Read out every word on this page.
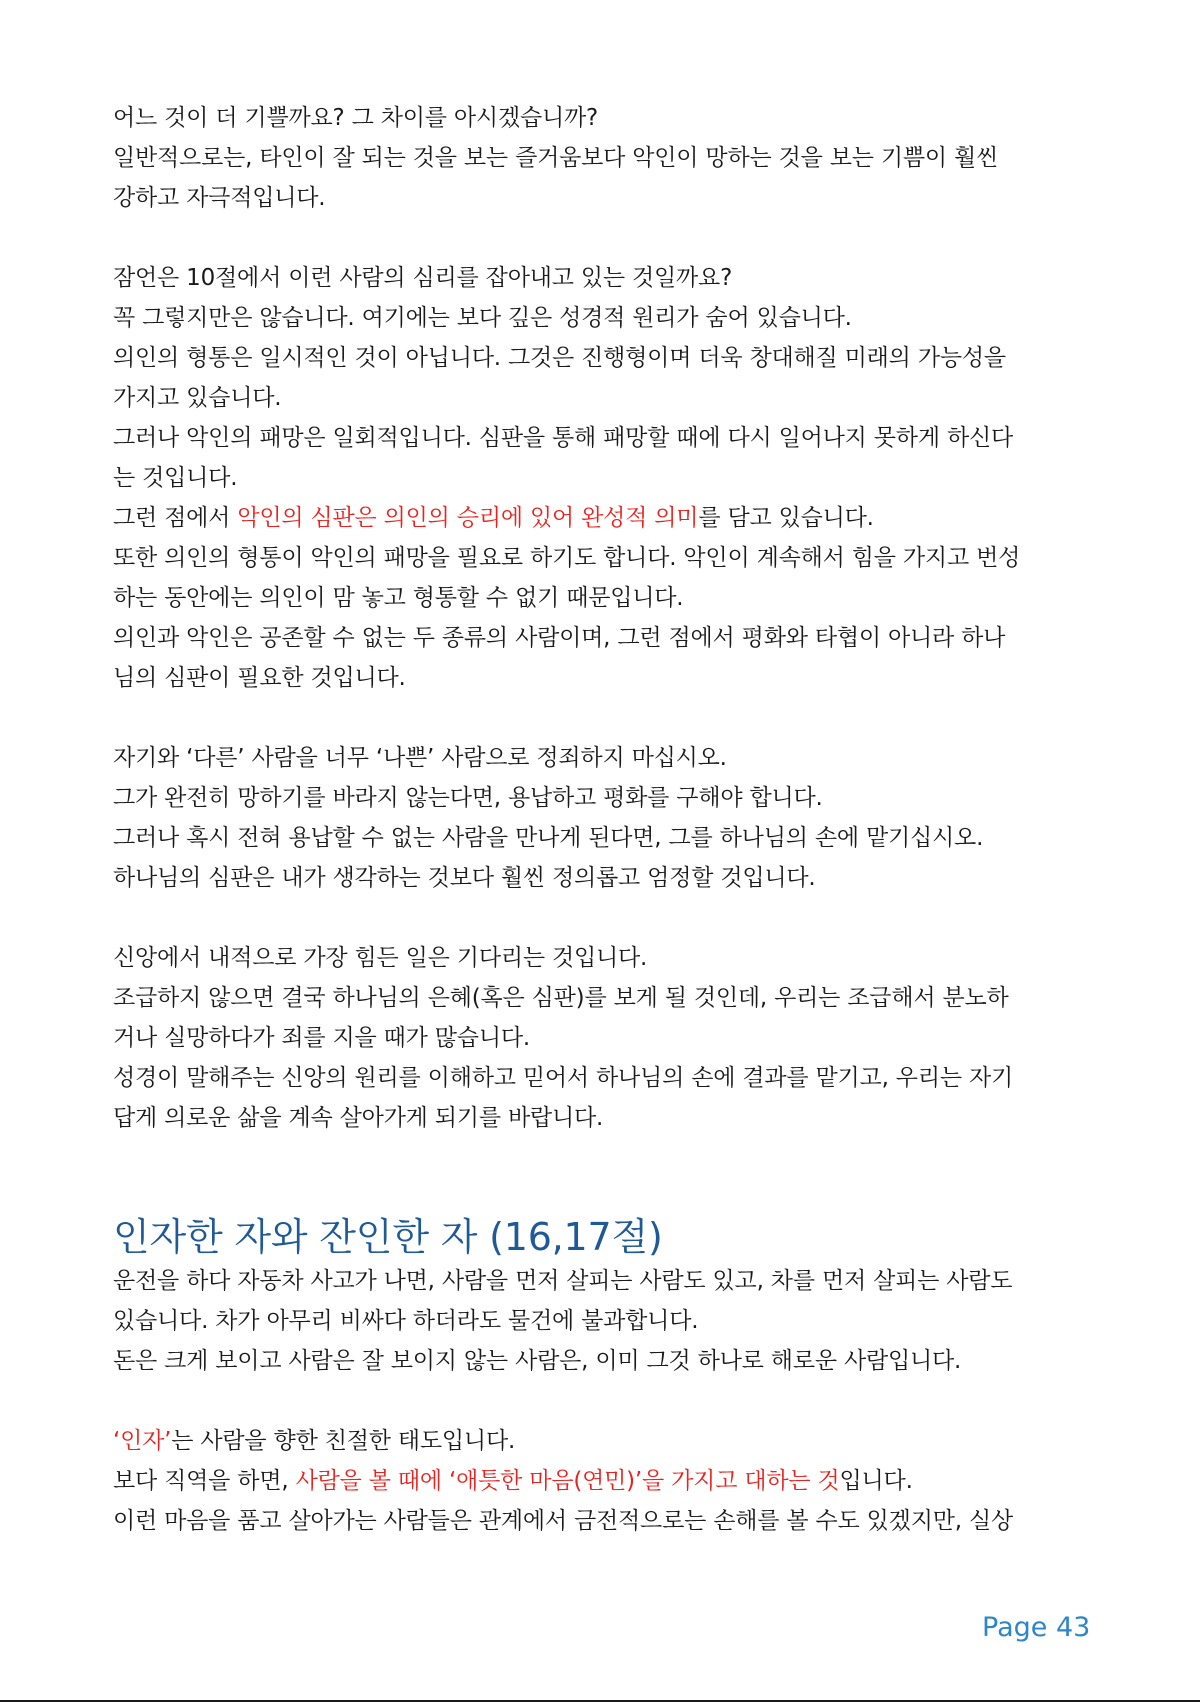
어느 것이 더 기쁠까요? 그 차이를 아시겠습니까?

일반적으로는, 타인이 잘 되는 것을 보는 즐거움보다 악인이 망하는 것을 보는 기쁨이 훨씬

강하고 자극적입니다.

잠언은 10절에서 이런 사람의 심리를 잡아내고 있는 것일까요?

꼭 그렇지만은 않습니다. 여기에는 보다 깊은 성경적 원리가 숨어 있습니다.

의인의 형통은 일시적인 것이 아닙니다. 그것은 진행형이며 더욱 창대해질 미래의 가능성을

가지고 있습니다.

그러나 악인의 패망은 일회적입니다. 심판을 통해 패망할 때에 다시 일어나지 못하게 하신다

는 것입니다.

그런 점에서 악인의 심판은 의인의 승리에 있어 완성적 의미를 담고 있습니다.

또한 의인의 형통이 악인의 패망을 필요로 하기도 합니다. 악인이 계속해서 힘을 가지고 번성

하는 동안에는 의인이 맘 놓고 형통할 수 없기 때문입니다.

의인과 악인은 공존할 수 없는 두 종류의 사람이며, 그런 점에서 평화와 타협이 아니라 하나

님의 심판이 필요한 것입니다.

자기와 ‘다른’ 사람을 너무 ‘나쁜’ 사람으로 정죄하지 마십시오.

그가 완전히 망하기를 바라지 않는다면, 용납하고 평화를 구해야 합니다.

그러나 혹시 전혀 용납할 수 없는 사람을 만나게 된다면, 그를 하나님의 손에 맡기십시오.

하나님의 심판은 내가 생각하는 것보다 훨씬 정의롭고 엄정할 것입니다.

신앙에서 내적으로 가장 힘든 일은 기다리는 것입니다.

조급하지 않으면 결국 하나님의 은혜(혹은 심판)를 보게 될 것인데, 우리는 조급해서 분노하

거나 실망하다가 죄를 지을 때가 많습니다.

성경이 말해주는 신앙의 원리를 이해하고 믿어서 하나님의 손에 결과를 맡기고, 우리는 자기

답게 의로운 삶을 계속 살아가게 되기를 바랍니다.

인자한 자와 잔인한 자 (16,17절)

운전을 하다 자동차 사고가 나면, 사람을 먼저 살피는 사람도 있고, 차를 먼저 살피는 사람도

있습니다. 차가 아무리 비싸다 하더라도 물건에 불과합니다.

돈은 크게 보이고 사람은 잘 보이지 않는 사람은, 이미 그것 하나로 해로운 사람입니다.

‘인자’는 사람을 향한 친절한 태도입니다.

보다 직역을 하면, 사람을 볼 때에 ‘애틋한 마음(연민)’을 가지고 대하는 것입니다.

이런 마음을 품고 살아가는 사람들은 관계에서 금전적으로는 손해를 볼 수도 있겠지만, 실상

Page 43
